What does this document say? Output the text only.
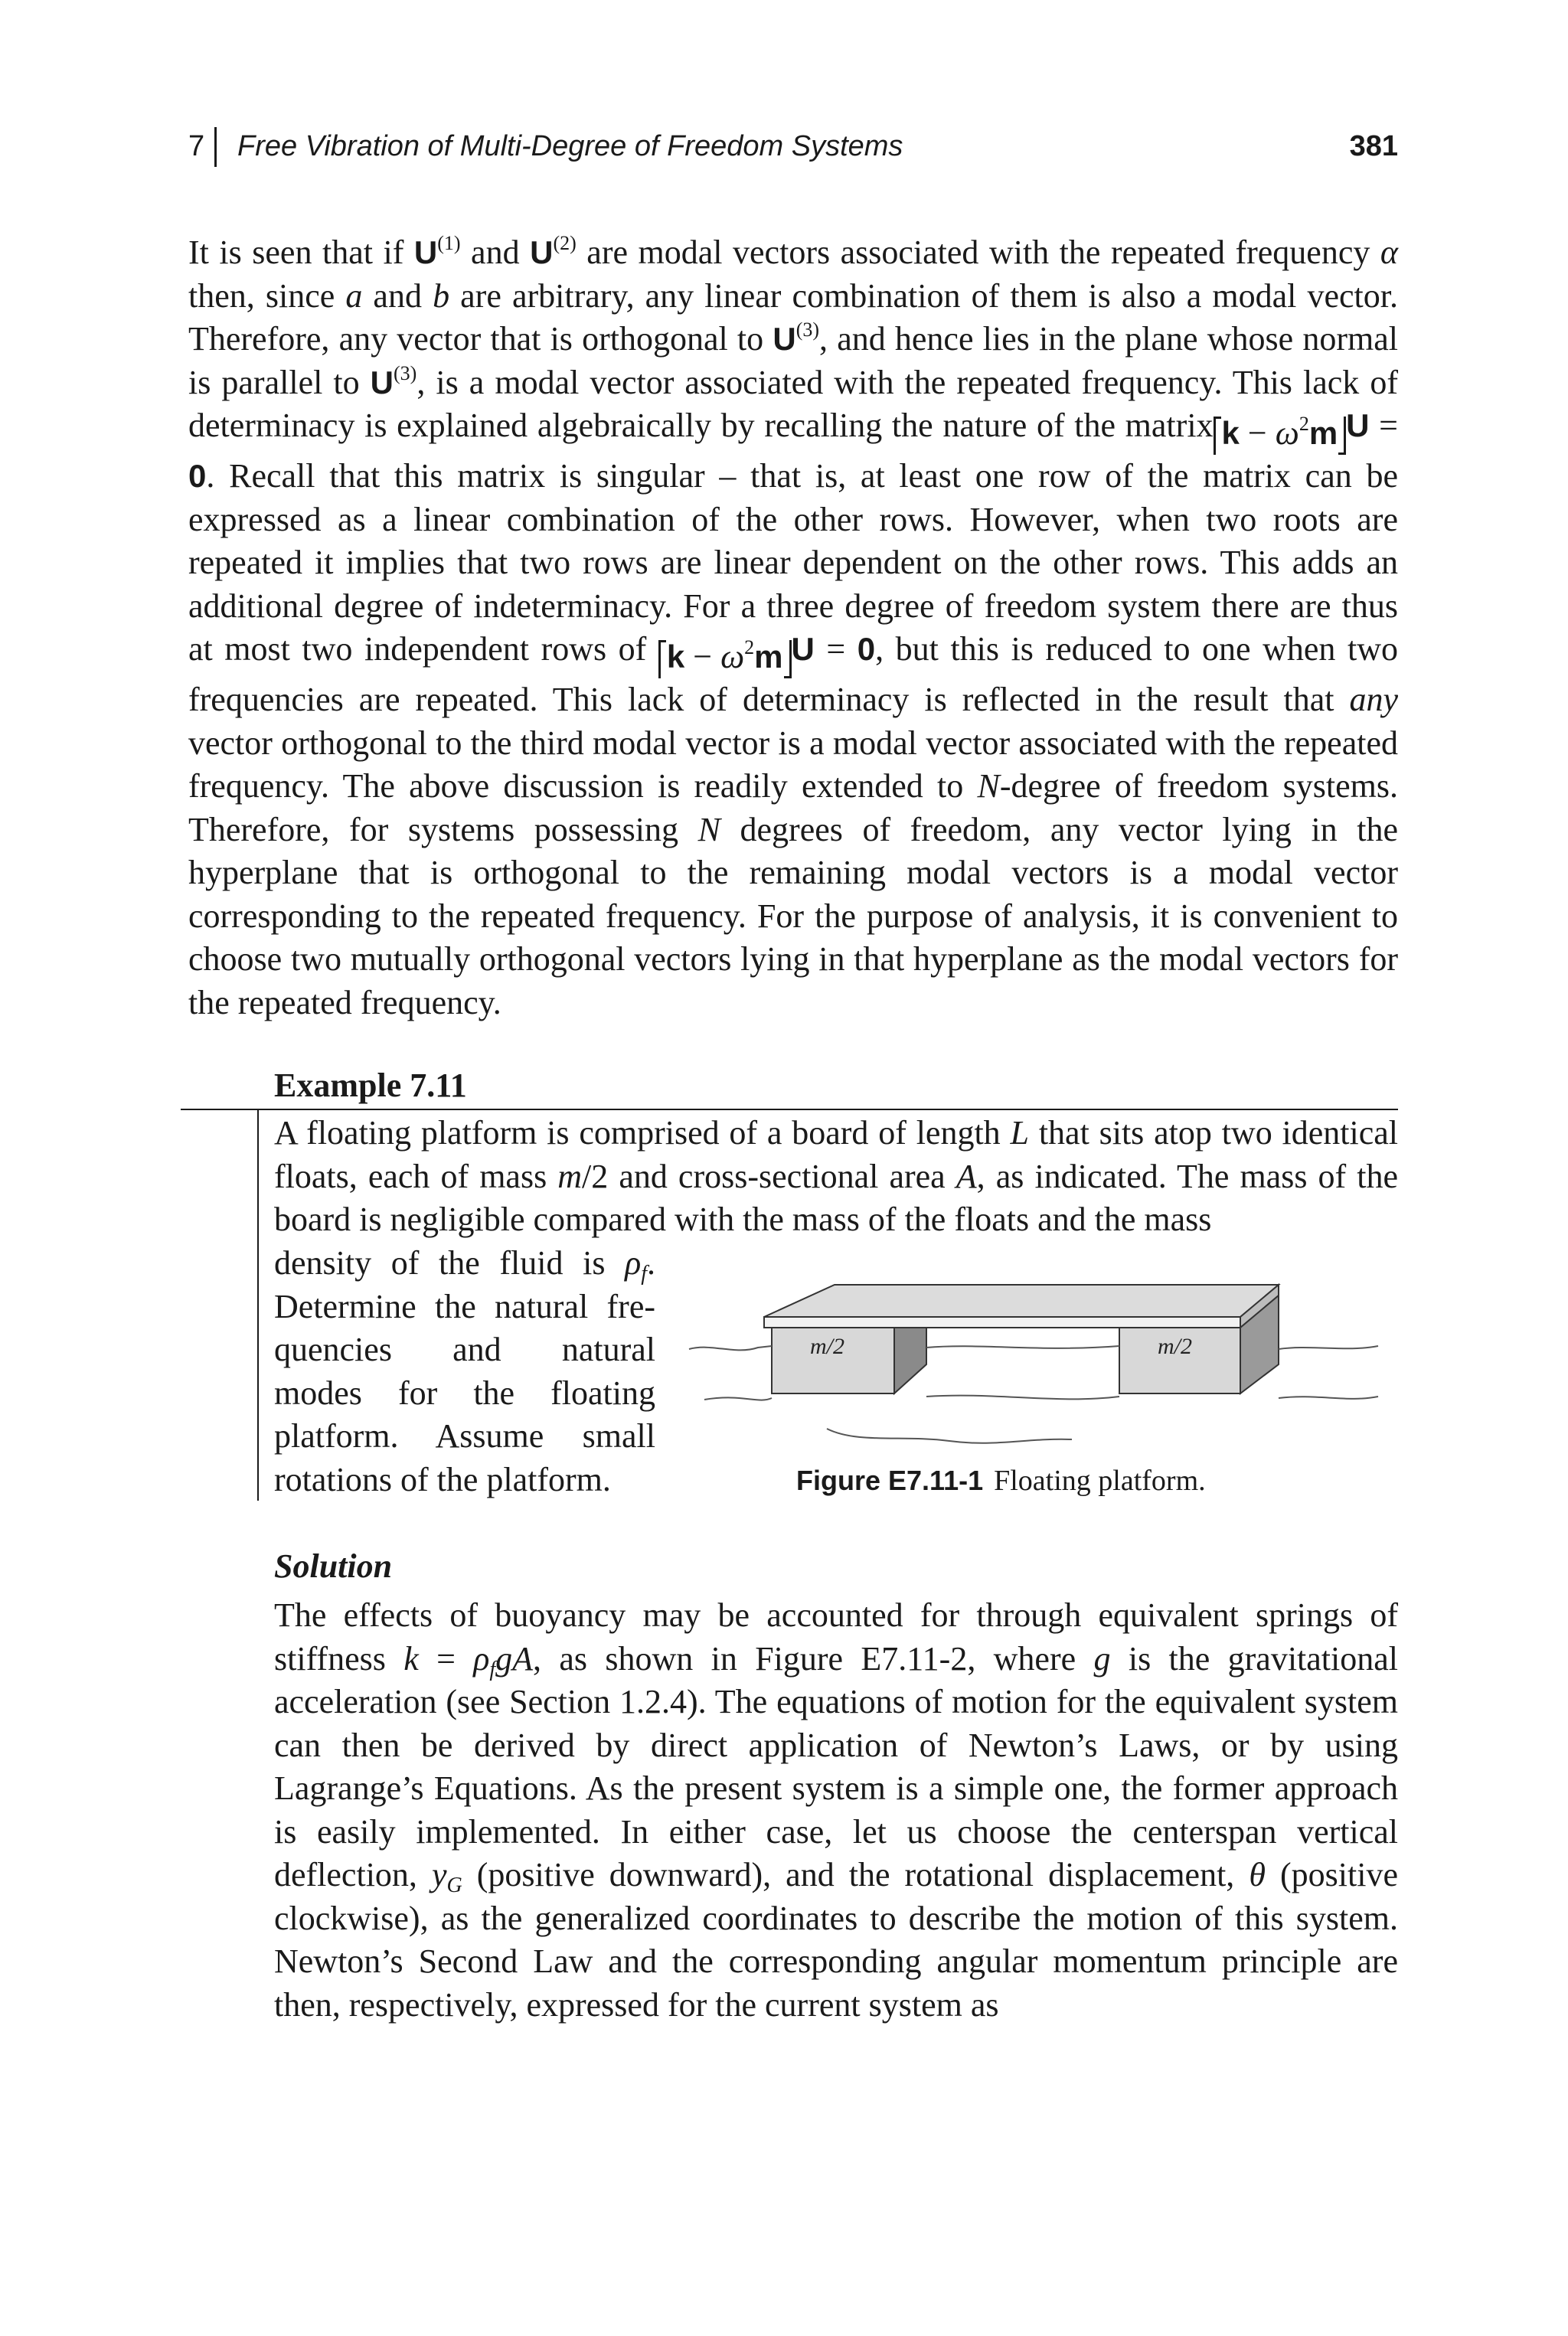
7 Free Vibration of Multi-Degree of Freedom Systems	381
It is seen that if $U^{(1)}$ and $U^{(2)}$ are modal vectors associated with the repeated frequency α then, since a and b are arbitrary, any linear combination of them is also a modal vector. Therefore, any vector that is orthogonal to $U^{(3)}$, and hence lies in the plane whose normal is parallel to $U^{(3)}$, is a modal vector associated with the repeated frequency. This lack of determinacy is explained algebraically by recalling the nature of the matrix $k - \omega^2m$ U = 0. Recall that this matrix is singular – that is, at least one row of the matrix can be expressed as a linear combination of the other rows. However, when two roots are repeated it implies that two rows are linear dependent on the other rows. This adds an additional degree of indeterminacy. For a three degree of freedom system there are thus at most two independent rows of $k - \omega^2m$ U = 0, but this is reduced to one when two frequencies are repeated. This lack of determinacy is reflected in the result that any vector orthogonal to the third modal vector is a modal vector associated with the repeated frequency. The above discussion is readily extended to N-degree of freedom systems. Therefore, for systems possessing N degrees of freedom, any vector lying in the hyperplane that is orthogonal to the remaining modal vectors is a modal vector corresponding to the repeated frequency. For the purpose of analysis, it is convenient to choose two mutually orthogonal vectors lying in that hyperplane as the modal vectors for the repeated frequency.
Example 7.11
A floating platform is comprised of a board of length L that sits atop two identical floats, each of mass m/2 and cross-sectional area A, as indicated. The mass of the board is negligible compared with the mass of the floats and the mass
density of the fluid is $\rho_f$.
Determine the natural fre-
quencies and natural
modes for the floating
platform. Assume small
rotations of the platform.
m/2	m/2
Figure E7.11-1 Floating platform.
Solution
The effects of buoyancy may be accounted for through equivalent springs of stiffness $k = \rho_fgA$, as shown in Figure E7.11-2, where g is the gravitational acceleration (see Section 1.2.4). The equations of motion for the equivalent system can then be derived by direct application of Newton’s Laws, or by using Lagrange’s Equations. As the present system is a simple one, the former approach is easily implemented. In either case, let us choose the centerspan vertical deflection, $y_G$ (positive downward), and the rotational displacement, θ (positive clockwise), as the generalized coordinates to describe the motion of this system. Newton’s Second Law and the corresponding angular momentum principle are then, respectively, expressed for the current system as
